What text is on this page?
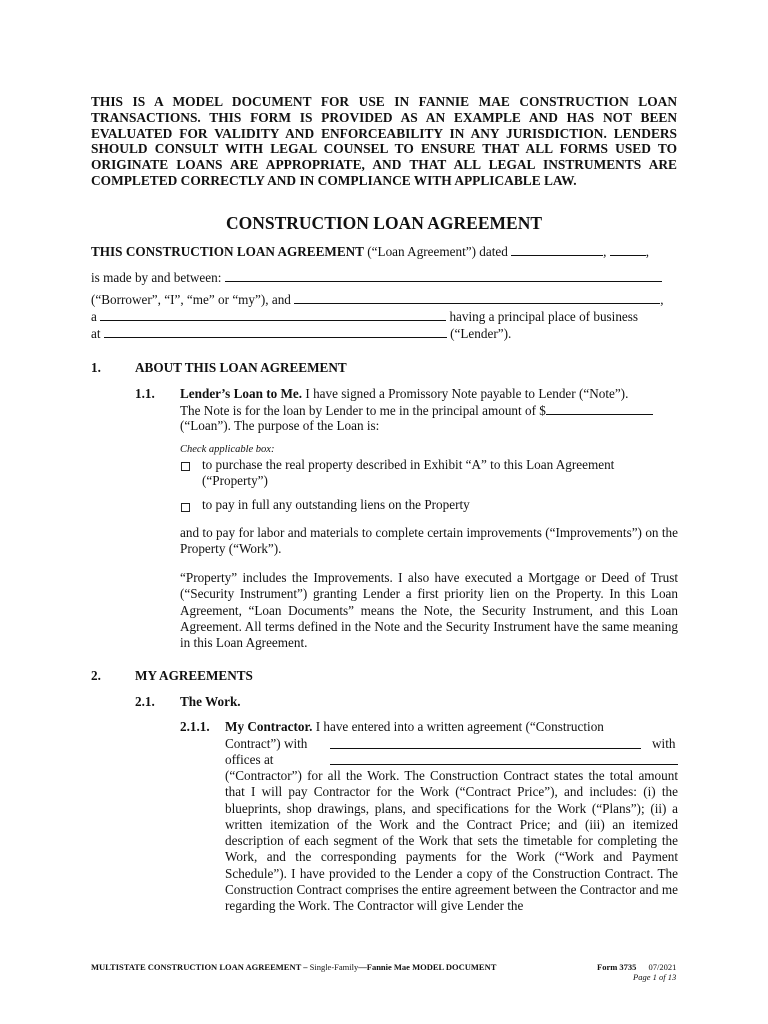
THIS IS A MODEL DOCUMENT FOR USE IN FANNIE MAE CONSTRUCTION LOAN TRANSACTIONS. THIS FORM IS PROVIDED AS AN EXAMPLE AND HAS NOT BEEN EVALUATED FOR VALIDITY AND ENFORCEABILITY IN ANY JURISDICTION. LENDERS SHOULD CONSULT WITH LEGAL COUNSEL TO ENSURE THAT ALL FORMS USED TO ORIGINATE LOANS ARE APPROPRIATE, AND THAT ALL LEGAL INSTRUMENTS ARE COMPLETED CORRECTLY AND IN COMPLIANCE WITH APPLICABLE LAW.

CONSTRUCTION LOAN AGREEMENT
THIS CONSTRUCTION LOAN AGREEMENT (“Loan Agreement”) dated	,	,
is made by and between:
(“Borrower”, “I”, “me” or “my”), and	,
a	having a principal place of business
at	(“Lender”).
1.	ABOUT THIS LOAN AGREEMENT
1.1. Lender’s Loan to Me. I have signed a Promissory Note payable to Lender (“Note”).
The Note is for the loan by Lender to me in the principal amount of $
(“Loan”). The purpose of the Loan is:
Check applicable box:
to purchase the real property described in Exhibit “A” to this Loan Agreement
(“Property”)
to pay in full any outstanding liens on the Property

and to pay for labor and materials to complete certain improvements (“Improvements”) on the Property (“Work”).

“Property” includes the Improvements. I also have executed a Mortgage or Deed of Trust (“Security Instrument”) granting Lender a first priority lien on the Property. In this Loan Agreement, “Loan Documents” means the Note, the Security Instrument, and this Loan Agreement. All terms defined in the Note and the Security Instrument have the same meaning in this Loan Agreement.

2.	MY AGREEMENTS
2.1. The Work.
2.1.1. My Contractor. I have entered into a written agreement (“Construction
Contract”) with	with
offices at

(“Contractor”) for all the Work. The Construction Contract states the total amount that I will pay Contractor for the Work (“Contract Price”), and includes: (i) the blueprints, shop drawings, plans, and specifications for the Work (“Plans”); (ii) a written itemization of the Work and the Contract Price; and (iii) an itemized description of each segment of the Work that sets the timetable for completing the Work, and the corresponding payments for the Work (“Work and Payment Schedule”). I have provided to the Lender a copy of the Construction Contract. The Construction Contract comprises the entire agreement between the Contractor and me regarding the Work. The Contractor will give Lender the

MULTISTATE CONSTRUCTION LOAN AGREEMENT – Single-Family—Fannie Mae MODEL DOCUMENT	Form 3735 07/2021
Page 1 of 13
